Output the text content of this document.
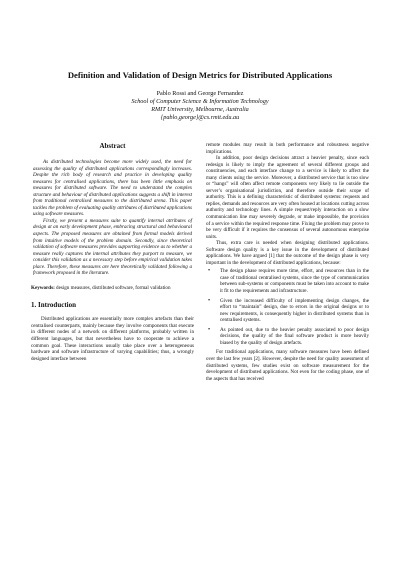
Definition and Validation of Design Metrics for Distributed Applications
Pablo Rossi and George Fernandez
School of Computer Science & Information Technology
RMIT University, Melbourne, Australia
{pablo,george}@cs.rmit.edu.au
Abstract

As distributed technologies become more widely used, the need for assessing the quality of distributed applications correspondingly increases. Despite the rich body of research and practice in developing quality measures for centralised applications, there has been little emphasis on measures for distributed software. The need to understand the complex structure and behaviour of distributed applications suggests a shift in interest from traditional centralised measures to the distributed arena. This paper tackles the problem of evaluating quality attributes of distributed applications using software measures.

Firstly, we present a measures suite to quantify internal attributes of design at an early development phase, embracing structural and behavioural aspects. The proposed measures are obtained from formal models derived from intuitive models of the problem domain. Secondly, since theoretical validation of software measures provides supporting evidence as to whether a measure really captures the internal attributes they purport to measure, we consider this validation as a necessary step before empirical validation takes place. Therefore, these measures are here theoretically validated following a framework proposed in the literature.

Keywords: design measures, distributed software, formal validation
1. Introduction

Distributed applications are essentially more complex artefacts than their centralised counterparts, mainly because they involve components that execute in different nodes of a network on different platforms, probably written in different languages, but that nevertheless have to cooperate to achieve a common goal. These interactions usually take place over a heterogeneous hardware and software infrastructure of varying capabilities; thus, a wrongly designed interface between

remote modules may result in both performance and robustness negative implications.

In addition, poor design decisions attract a heavier penalty, since each redesign is likely to imply the agreement of several different groups and constituencies, and each interface change to a service is likely to affect the many clients using the service. Moreover, a distributed service that is too slow or “hangs” will often affect remote components very likely to lie outside the server’s organisational jurisdiction, and therefore outside their scope of authority. This is a defining characteristic of distributed systems: requests and replies, demands and resources are very often housed at locations cutting across authority and technology lines. A simple request/reply interaction on a slow communication line may severely degrade, or make impossible, the provision of a service within the required response time. Fixing the problem may prove to be very difficult if it requires the consensus of several autonomous enterprise units.

Thus, extra care is needed when designing distributed applications. Software design quality is a key issue in the development of distributed applications. We have argued [1] that the outcome of the design phase is very important in the development of distributed applications, because:

• The design phase requires more time, effort, and resources than in the case of traditional centralised systems, since the type of communication between sub-systems or components must be taken into account to make it fit to the requirements and infrastructure.
• Given the increased difficulty of implementing design changes, the effort to “maintain” design, due to errors in the original designs or to new requirements, is consequently higher in distributed systems than in centralised systems.
• As pointed out, due to the heavier penalty associated to poor design decisions, the quality of the final software product is more heavily biased by the quality of design artefacts.

For traditional applications, many software measures have been defined over the last few years [2]. However, despite the need for quality assessment of distributed systems, few studies exist on software measurement for the development of distributed applications. Not even for the coding phase, one of the aspects that has received
